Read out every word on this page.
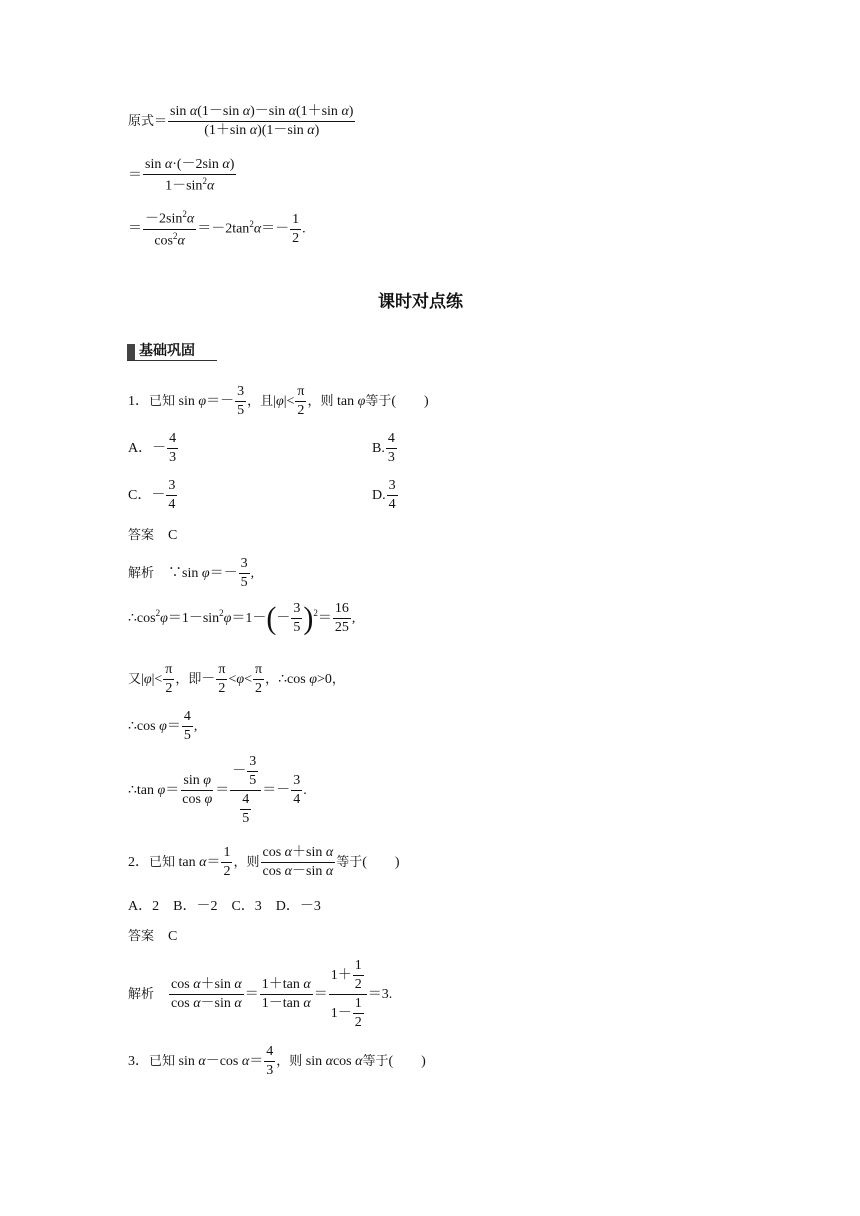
原式＝ $\frac{\text{sin α(1－sin α)－sin α(1＋sin α)}}{\text{(1＋sin α)(1－sin α)}}$
＝ $\frac{\text{sin α·(－2sin α)}}{1-\sin^2\alpha}$
＝ $\frac{-2\sin^2\alpha}{\cos^2\alpha} =-2\tan^2\alpha=- \frac{1}{2}$ .
课时对点练
基础巩固
1．已知 $\sin \varphi=- \frac{3}{5}$ ，且$|\varphi|< \frac{\pi}{2}$ ，则 tan φ等于(　　)
A．－ $\frac{4}{3}$	B. $\frac{4}{3}$
C．－ $\frac{3}{4}$	D. $\frac{3}{4}$
答案　 C
解析　∵sin $\varphi=- \frac{3}{5}$ ,
$\therefore\cos^2\varphi=1-\sin^2\varphi=1-(- \frac{3}{5} )^2= \frac{16}{25}$ ,
又$|\varphi|< \frac{\pi}{2}$ ，即－ $\frac{\pi}{2} <\varphi< \frac{\pi}{2}$ ，∴cos φ>0，
∴cos $\varphi= \frac{4}{5}$ ,
∴tan $\varphi= \frac{\text{sin φ}}{\text{cos φ}} = \frac{- \frac{3}{5}}{\frac{4}{5}} =- \frac{3}{4}$ .
2．已知 $\tan \alpha= \frac{1}{2}$ ，则 $\frac{\text{cos α＋sin α}}{\text{cos α－sin α}}$ 等于(　　)
A．2　B．－2　C．3　D．－3
答案　 C
解析　 $\frac{\text{cos α＋sin α}}{\text{cos α－sin α}} = \frac{\text{1＋tan α}}{\text{1－tan α}} = \frac{1+ \frac{1}{2}}{1- \frac{1}{2}} =3$.
3．已知 sin α－cos $\alpha= \frac{4}{3}$ ，则 sin αcos α等于(　　)
